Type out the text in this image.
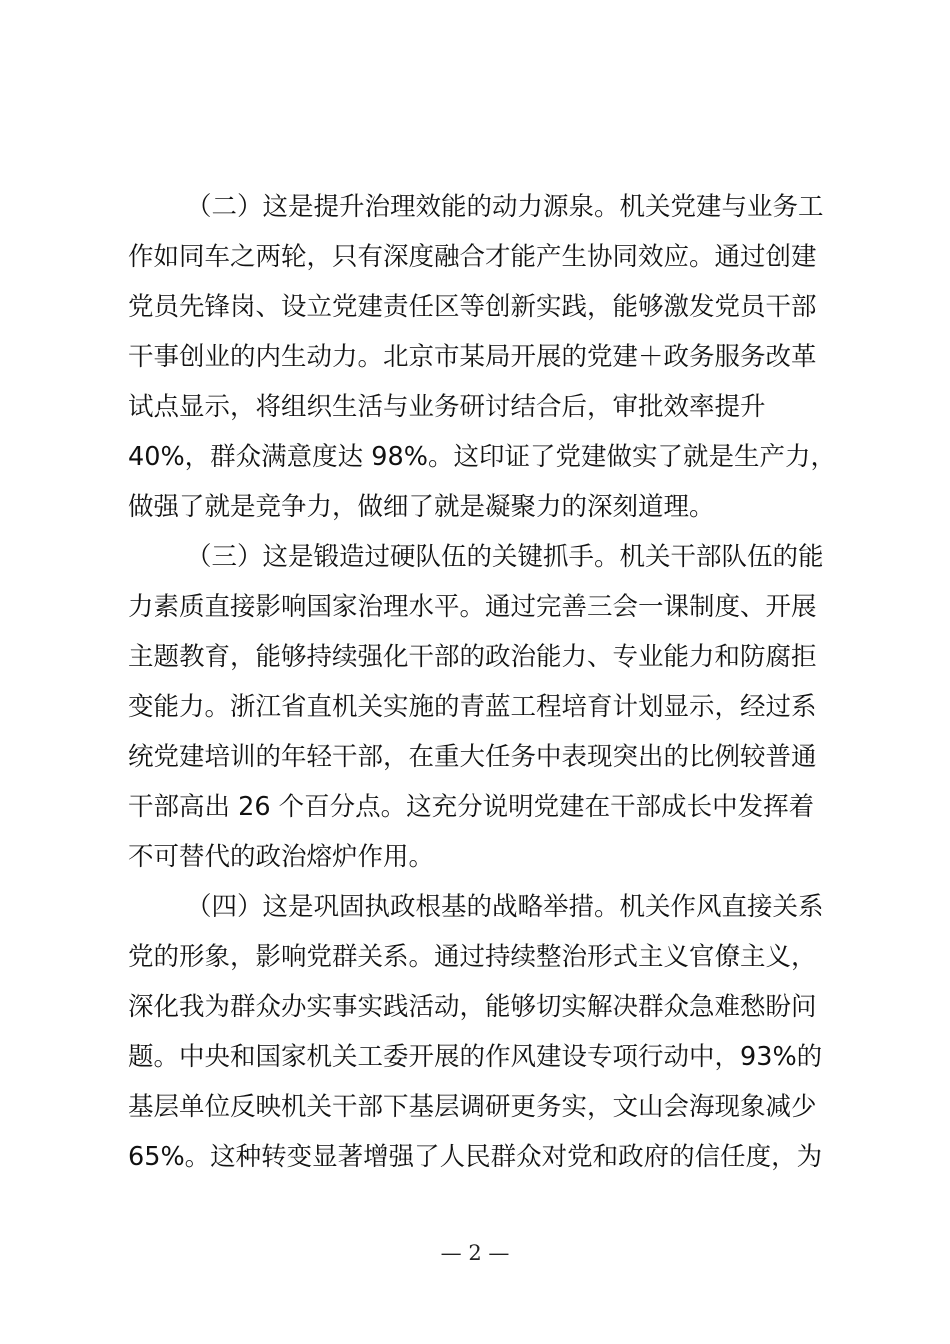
（二）这是提升治理效能的动力源泉。机关党建与业务工
作如同车之两轮，只有深度融合才能产生协同效应。通过创建
党员先锋岗、设立党建责任区等创新实践，能够激发党员干部
干事创业的内生动力。北京市某局开展的党建＋政务服务改革
试点显示，将组织生活与业务研讨结合后，审批效率提升
40%，群众满意度达 98%。这印证了党建做实了就是生产力，
做强了就是竞争力，做细了就是凝聚力的深刻道理。
（三）这是锻造过硬队伍的关键抓手。机关干部队伍的能
力素质直接影响国家治理水平。通过完善三会一课制度、开展
主题教育，能够持续强化干部的政治能力、专业能力和防腐拒
变能力。浙江省直机关实施的青蓝工程培育计划显示，经过系
统党建培训的年轻干部，在重大任务中表现突出的比例较普通
干部高出 26 个百分点。这充分说明党建在干部成长中发挥着
不可替代的政治熔炉作用。
（四）这是巩固执政根基的战略举措。机关作风直接关系
党的形象，影响党群关系。通过持续整治形式主义官僚主义，
深化我为群众办实事实践活动，能够切实解决群众急难愁盼问
题。中央和国家机关工委开展的作风建设专项行动中，93%的
基层单位反映机关干部下基层调研更务实，文山会海现象减少
65%。这种转变显著增强了人民群众对党和政府的信任度，为
— 2 —
